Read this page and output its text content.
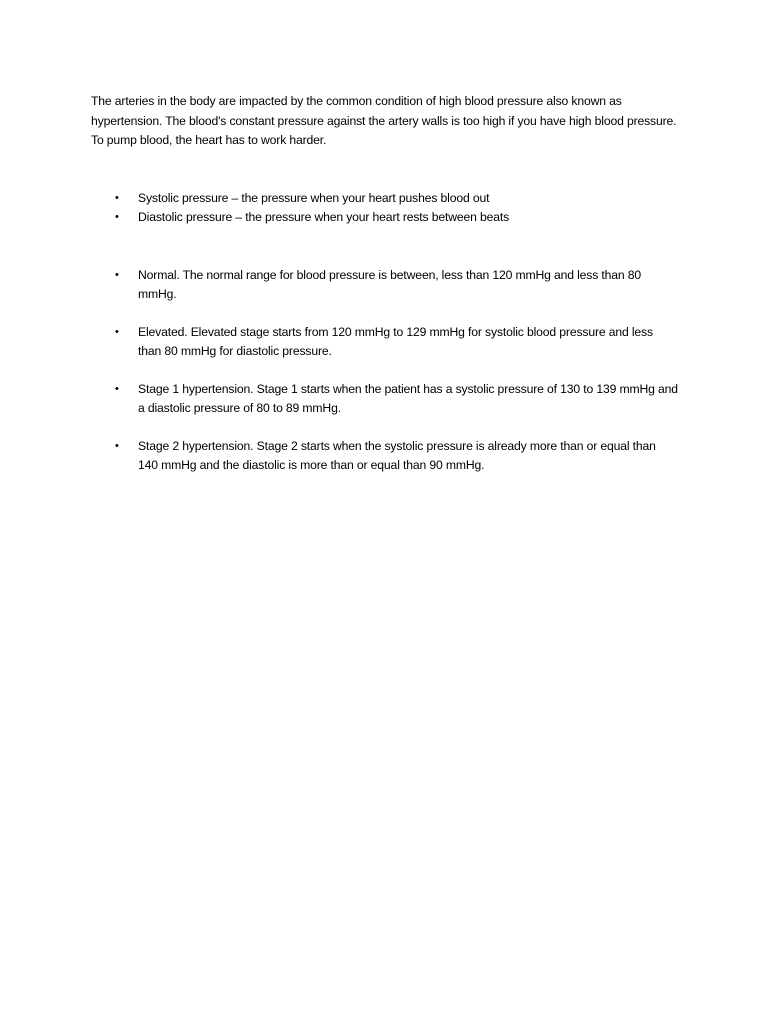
The arteries in the body are impacted by the common condition of high blood pressure also known as hypertension. The blood's constant pressure against the artery walls is too high if you have high blood pressure. To pump blood, the heart has to work harder.

• Systolic pressure – the pressure when your heart pushes blood out
• Diastolic pressure – the pressure when your heart rests between beats
• Normal. The normal range for blood pressure is between, less than 120 mmHg and less than 80 mmHg.
• Elevated. Elevated stage starts from 120 mmHg to 129 mmHg for systolic blood pressure and less than 80 mmHg for diastolic pressure.
• Stage 1 hypertension. Stage 1 starts when the patient has a systolic pressure of 130 to 139 mmHg and a diastolic pressure of 80 to 89 mmHg.
• Stage 2 hypertension. Stage 2 starts when the systolic pressure is already more than or equal than 140 mmHg and the diastolic is more than or equal than 90 mmHg.
